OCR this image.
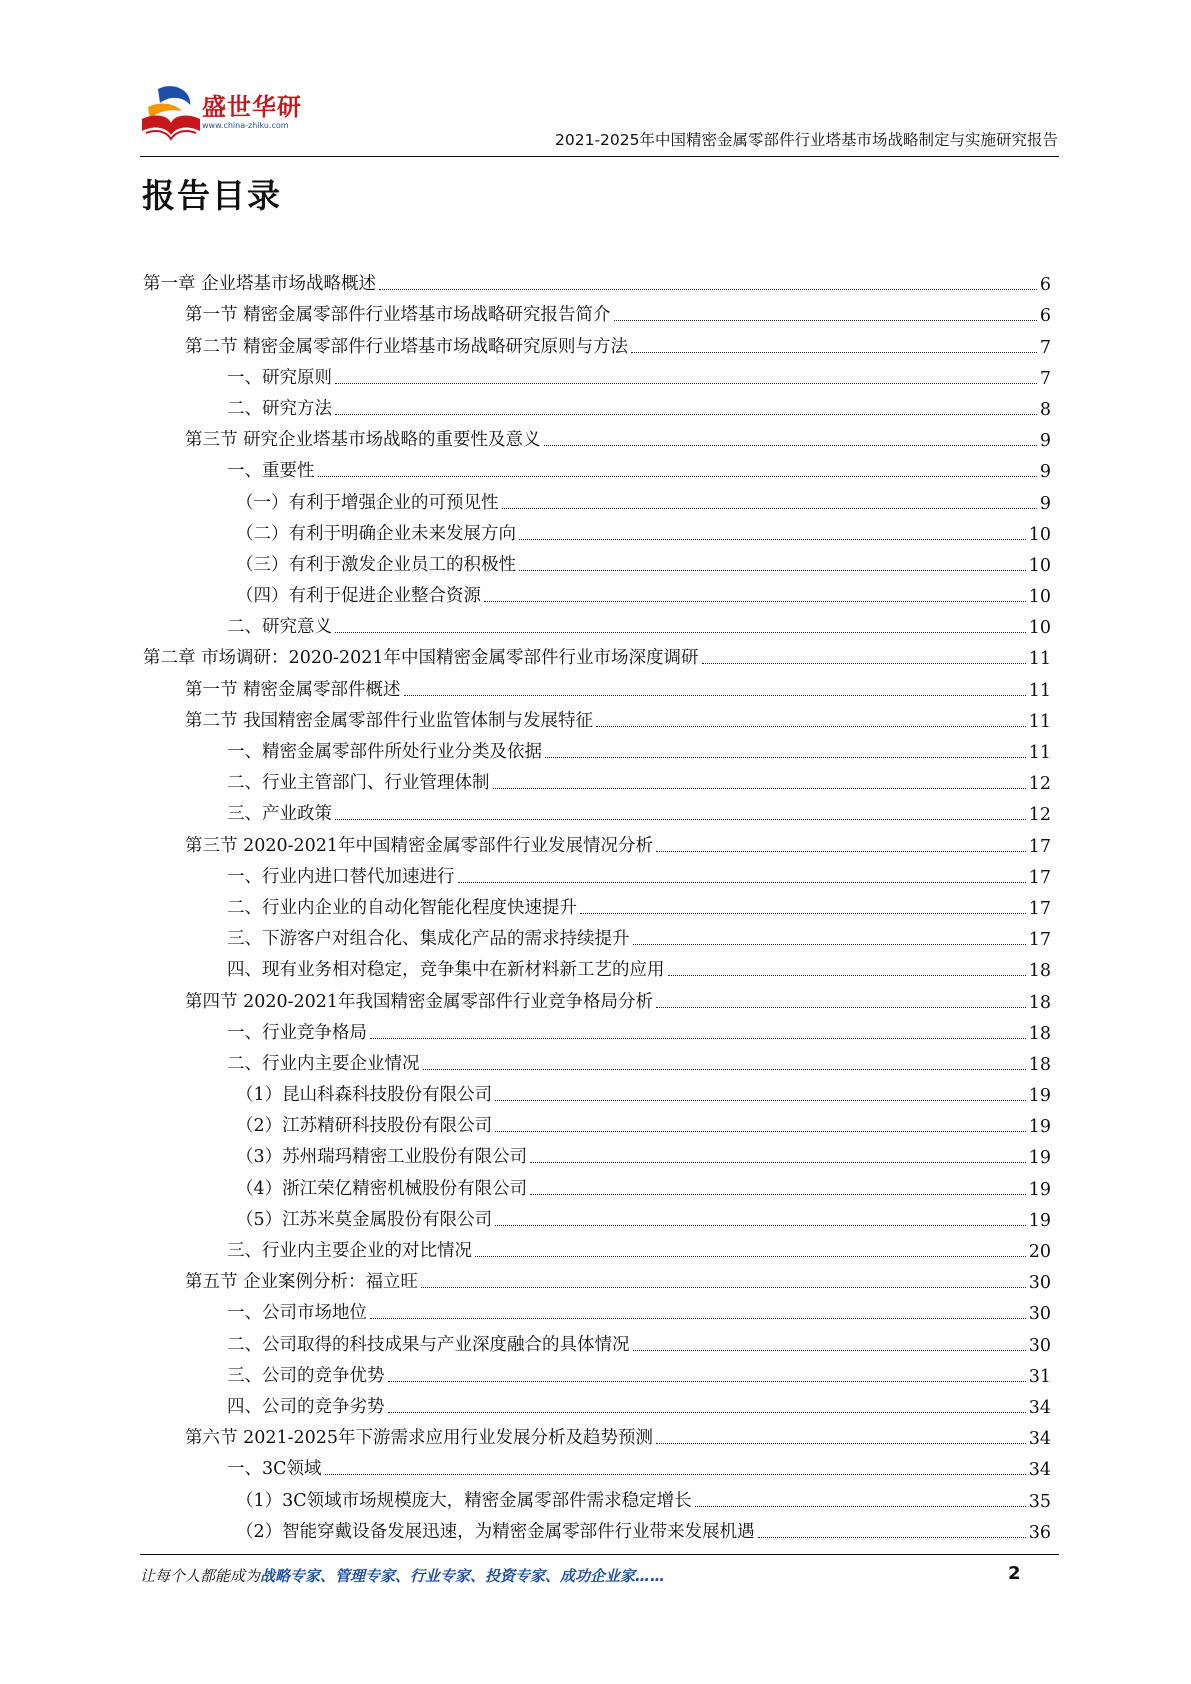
盛世华研
www.china-zhiku.com
2021-2025年中国精密金属零部件行业塔基市场战略制定与实施研究报告
报告目录
第一章 企业塔基市场战略概述	6
第一节 精密金属零部件行业塔基市场战略研究报告简介	6
第二节 精密金属零部件行业塔基市场战略研究原则与方法	7
一、研究原则	7
二、研究方法	8
第三节 研究企业塔基市场战略的重要性及意义	9
一、重要性	9
（一）有利于增强企业的可预见性	9
（二）有利于明确企业未来发展方向	10
（三）有利于激发企业员工的积极性	10
（四）有利于促进企业整合资源	10
二、研究意义	10
第二章 市场调研：2020-2021年中国精密金属零部件行业市场深度调研	11
第一节 精密金属零部件概述	11
第二节 我国精密金属零部件行业监管体制与发展特征	11
一、精密金属零部件所处行业分类及依据	11
二、行业主管部门、行业管理体制	12
三、产业政策	12
第三节 2020-2021年中国精密金属零部件行业发展情况分析	17
一、行业内进口替代加速进行	17
二、行业内企业的自动化智能化程度快速提升	17
三、下游客户对组合化、集成化产品的需求持续提升	17
四、现有业务相对稳定，竞争集中在新材料新工艺的应用	18
第四节 2020-2021年我国精密金属零部件行业竞争格局分析	18
一、行业竞争格局	18
二、行业内主要企业情况	18
（1）昆山科森科技股份有限公司	19
（2）江苏精研科技股份有限公司	19
（3）苏州瑞玛精密工业股份有限公司	19
（4）浙江荣亿精密机械股份有限公司	19
（5）江苏米莫金属股份有限公司	19
三、行业内主要企业的对比情况	20
第五节 企业案例分析：福立旺	30
一、公司市场地位	30
二、公司取得的科技成果与产业深度融合的具体情况	30
三、公司的竞争优势	31
四、公司的竞争劣势	34
第六节 2021-2025年下游需求应用行业发展分析及趋势预测	34
一、3C领域	34
（1）3C领域市场规模庞大，精密金属零部件需求稳定增长	35
（2）智能穿戴设备发展迅速，为精密金属零部件行业带来发展机遇	36
让每个人都能成为战略专家、管理专家、行业专家、投资专家、成功企业家……	2
